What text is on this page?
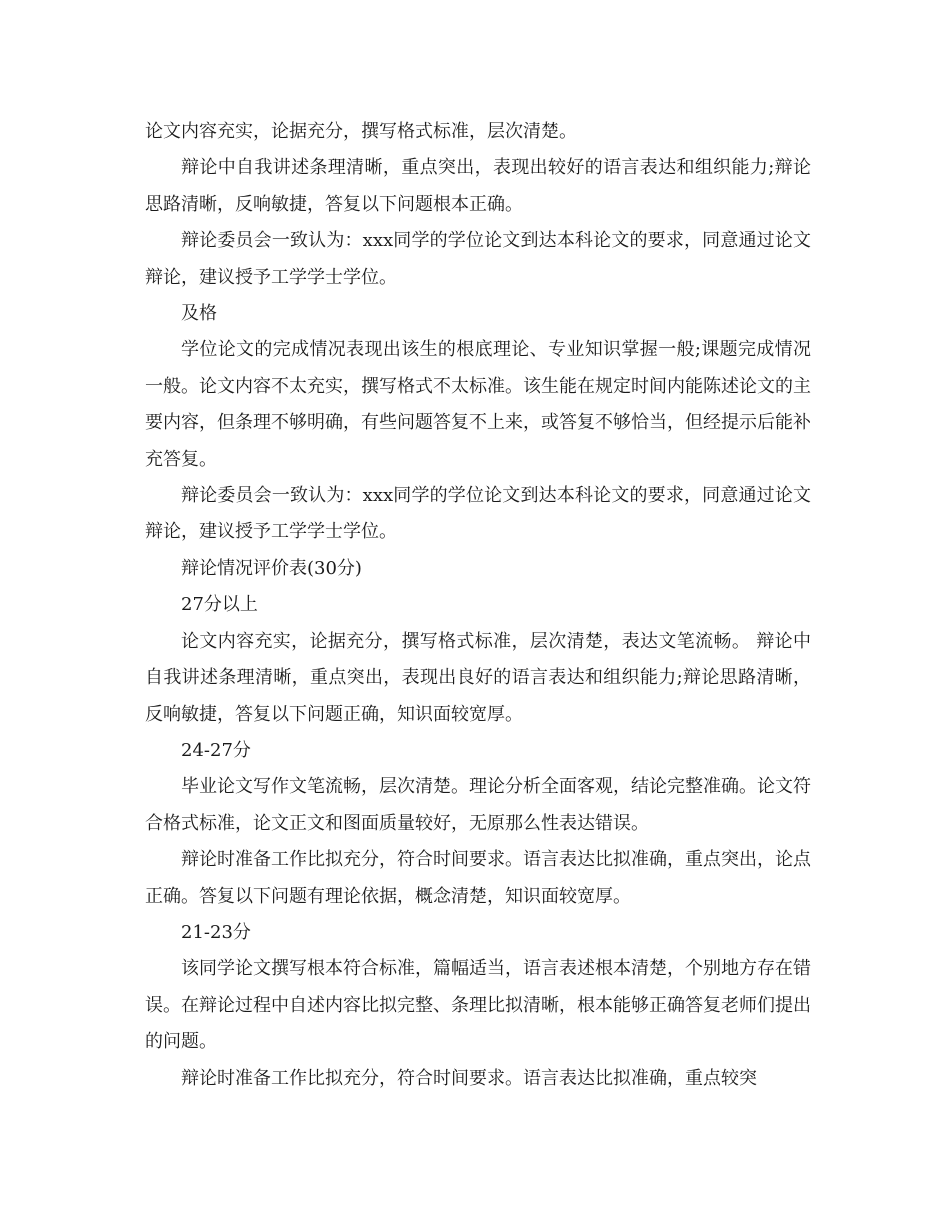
论文内容充实，论据充分，撰写格式标准，层次清楚。

辩论中自我讲述条理清晰，重点突出，表现出较好的语言表达和组织能力;辩论思路清晰，反响敏捷，答复以下问题根本正确。

辩论委员会一致认为：xxx同学的学位论文到达本科论文的要求，同意通过论文辩论，建议授予工学学士学位。

及格

学位论文的完成情况表现出该生的根底理论、专业知识掌握一般;课题完成情况一般。论文内容不太充实，撰写格式不太标准。该生能在规定时间内能陈述论文的主要内容，但条理不够明确，有些问题答复不上来，或答复不够恰当，但经提示后能补充答复。

辩论委员会一致认为：xxx同学的学位论文到达本科论文的要求，同意通过论文辩论，建议授予工学学士学位。

辩论情况评价表(30分)

27分以上

论文内容充实，论据充分，撰写格式标准，层次清楚，表达文笔流畅。 辩论中自我讲述条理清晰，重点突出，表现出良好的语言表达和组织能力;辩论思路清晰，反响敏捷，答复以下问题正确，知识面较宽厚。

24-27分

毕业论文写作文笔流畅，层次清楚。理论分析全面客观，结论完整准确。论文符合格式标准，论文正文和图面质量较好，无原那么性表达错误。

辩论时准备工作比拟充分，符合时间要求。语言表达比拟准确，重点突出，论点正确。答复以下问题有理论依据，概念清楚，知识面较宽厚。

21-23分

该同学论文撰写根本符合标准，篇幅适当，语言表述根本清楚，个别地方存在错误。在辩论过程中自述内容比拟完整、条理比拟清晰，根本能够正确答复老师们提出的问题。

辩论时准备工作比拟充分，符合时间要求。语言表达比拟准确，重点较突
